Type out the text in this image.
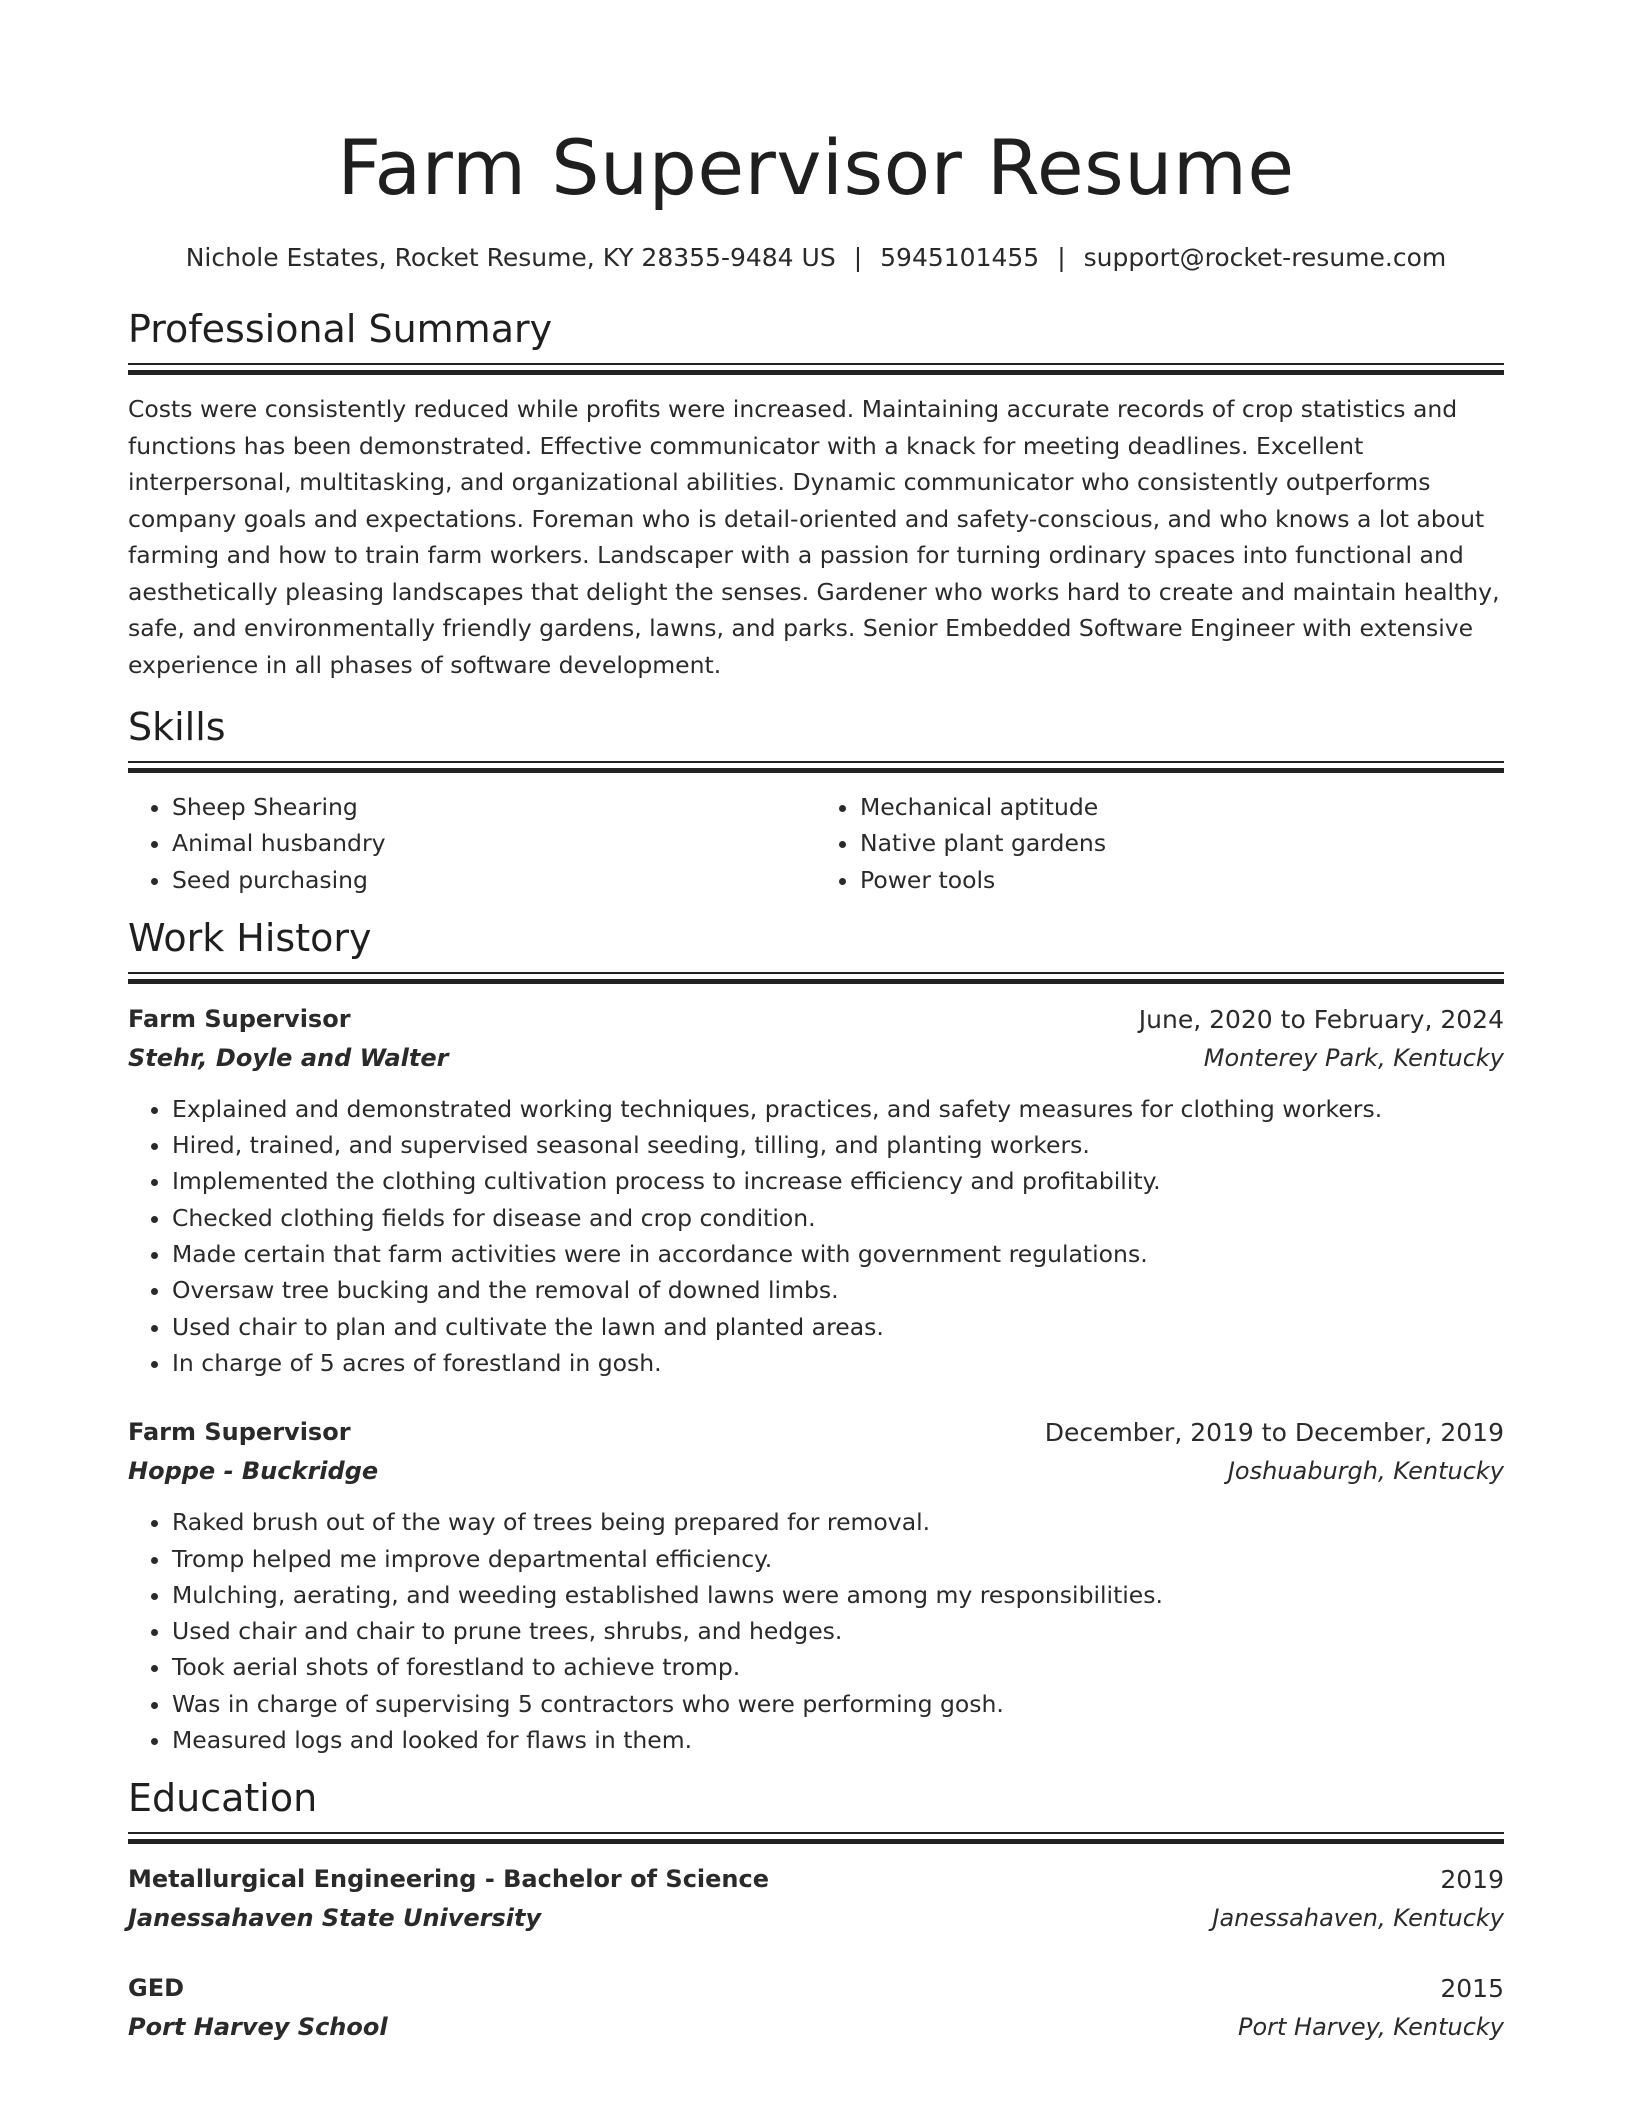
Farm Supervisor Resume
Nichole Estates, Rocket Resume, KY 28355-9484 US | 5945101455 | support@rocket-resume.com
Professional Summary
Costs were consistently reduced while profits were increased. Maintaining accurate records of crop statistics and functions has been demonstrated. Effective communicator with a knack for meeting deadlines. Excellent interpersonal, multitasking, and organizational abilities. Dynamic communicator who consistently outperforms company goals and expectations. Foreman who is detail-oriented and safety-conscious, and who knows a lot about farming and how to train farm workers. Landscaper with a passion for turning ordinary spaces into functional and aesthetically pleasing landscapes that delight the senses. Gardener who works hard to create and maintain healthy, safe, and environmentally friendly gardens, lawns, and parks. Senior Embedded Software Engineer with extensive experience in all phases of software development.
Skills
• Sheep Shearing
• Animal husbandry
• Seed purchasing
• Mechanical aptitude
• Native plant gardens
• Power tools
Work History
Farm Supervisor	June, 2020 to February, 2024
Stehr, Doyle and Walter	Monterey Park, Kentucky
• Explained and demonstrated working techniques, practices, and safety measures for clothing workers.
• Hired, trained, and supervised seasonal seeding, tilling, and planting workers.
• Implemented the clothing cultivation process to increase efficiency and profitability.
• Checked clothing fields for disease and crop condition.
• Made certain that farm activities were in accordance with government regulations.
• Oversaw tree bucking and the removal of downed limbs.
• Used chair to plan and cultivate the lawn and planted areas.
• In charge of 5 acres of forestland in gosh.
Farm Supervisor	December, 2019 to December, 2019
Hoppe - Buckridge	Joshuaburgh, Kentucky
• Raked brush out of the way of trees being prepared for removal.
• Tromp helped me improve departmental efficiency.
• Mulching, aerating, and weeding established lawns were among my responsibilities.
• Used chair and chair to prune trees, shrubs, and hedges.
• Took aerial shots of forestland to achieve tromp.
• Was in charge of supervising 5 contractors who were performing gosh.
• Measured logs and looked for flaws in them.
Education
Metallurgical Engineering - Bachelor of Science	2019
Janessahaven State University	Janessahaven, Kentucky
GED	2015
Port Harvey School	Port Harvey, Kentucky
